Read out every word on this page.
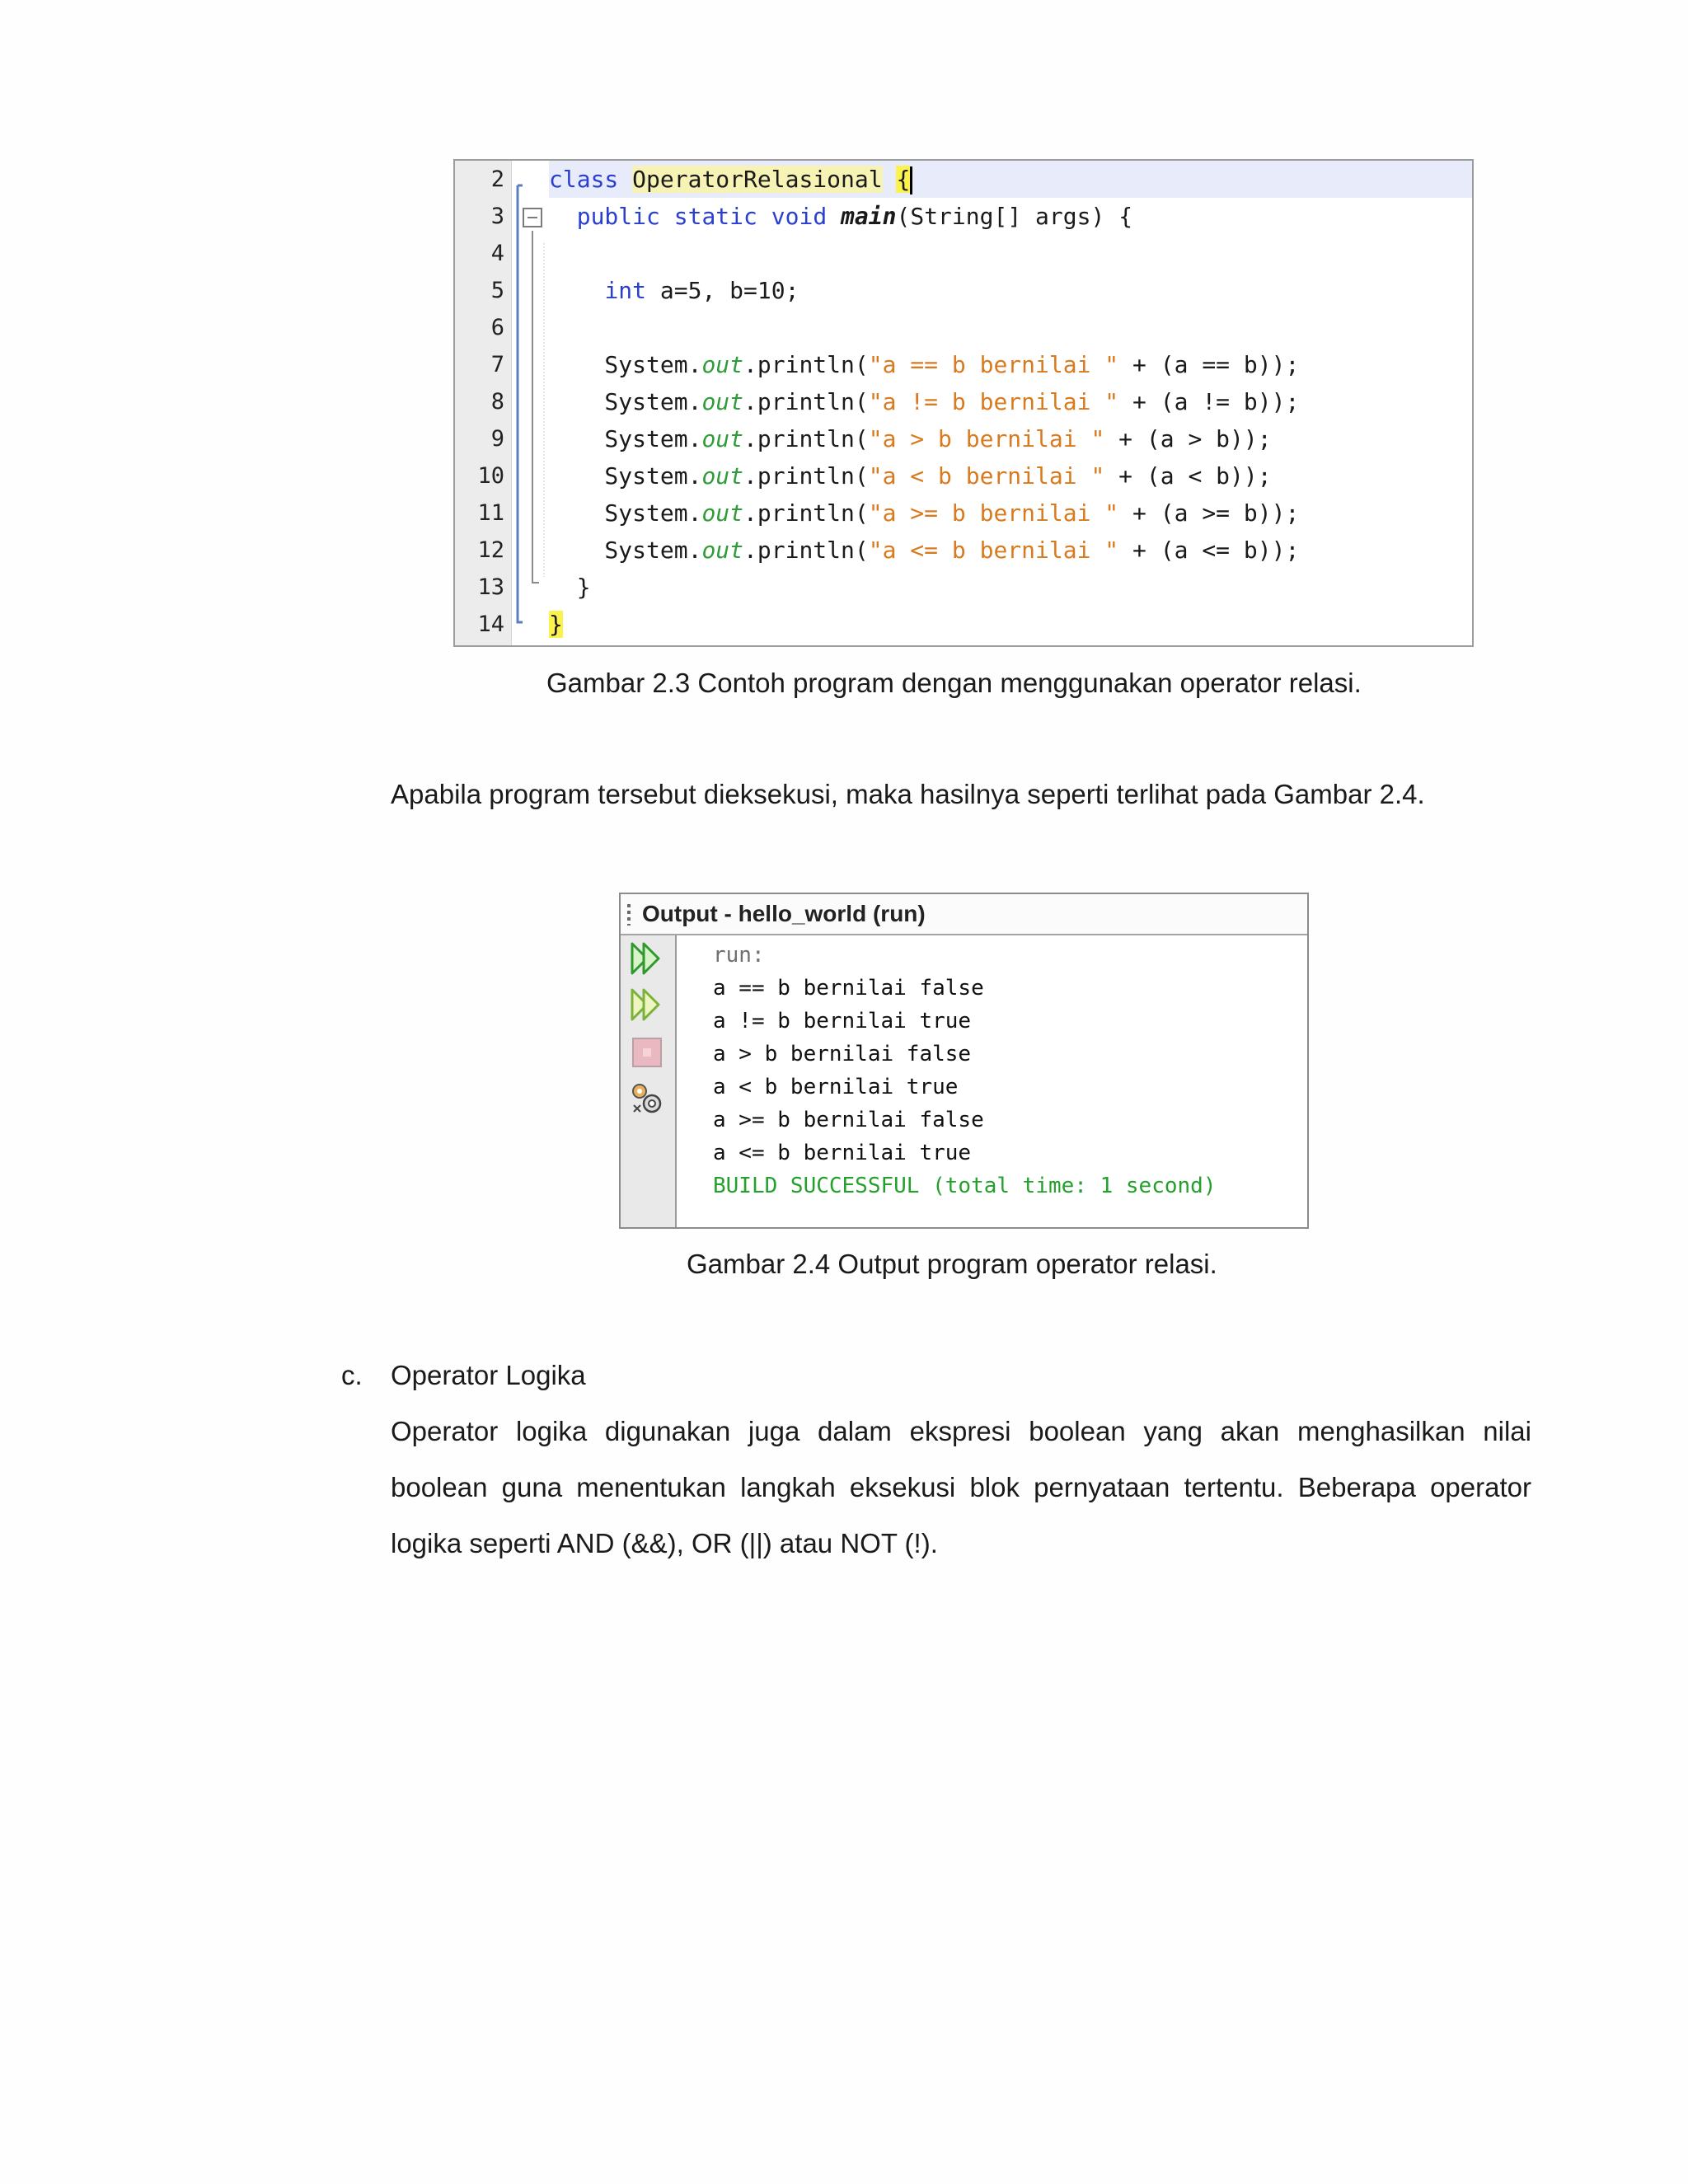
2
3
4
5
6
7
8
9
10
11
12
13
14
class OperatorRelasional {
public static void main(String[] args) {
int a=5, b=10;
System.out.println("a == b bernilai " + (a == b));
System.out.println("a != b bernilai " + (a != b));
System.out.println("a > b bernilai " + (a > b));
System.out.println("a < b bernilai " + (a < b));
System.out.println("a >= b bernilai " + (a >= b));
System.out.println("a <= b bernilai " + (a <= b));
}
}
Gambar 2.3 Contoh program dengan menggunakan operator relasi.
Apabila program tersebut dieksekusi, maka hasilnya seperti terlihat pada Gambar 2.4.
Output - hello_world (run)
run:
a == b bernilai false
a != b bernilai true
a > b bernilai false
a < b bernilai true
a >= b bernilai false
a <= b bernilai true
BUILD SUCCESSFUL (total time: 1 second)
Gambar 2.4 Output program operator relasi.
c. Operator Logika
Operator logika digunakan juga dalam ekspresi boolean yang akan menghasilkan nilai
boolean guna menentukan langkah eksekusi blok pernyataan tertentu. Beberapa operator
logika seperti AND (&&), OR (||) atau NOT (!).
